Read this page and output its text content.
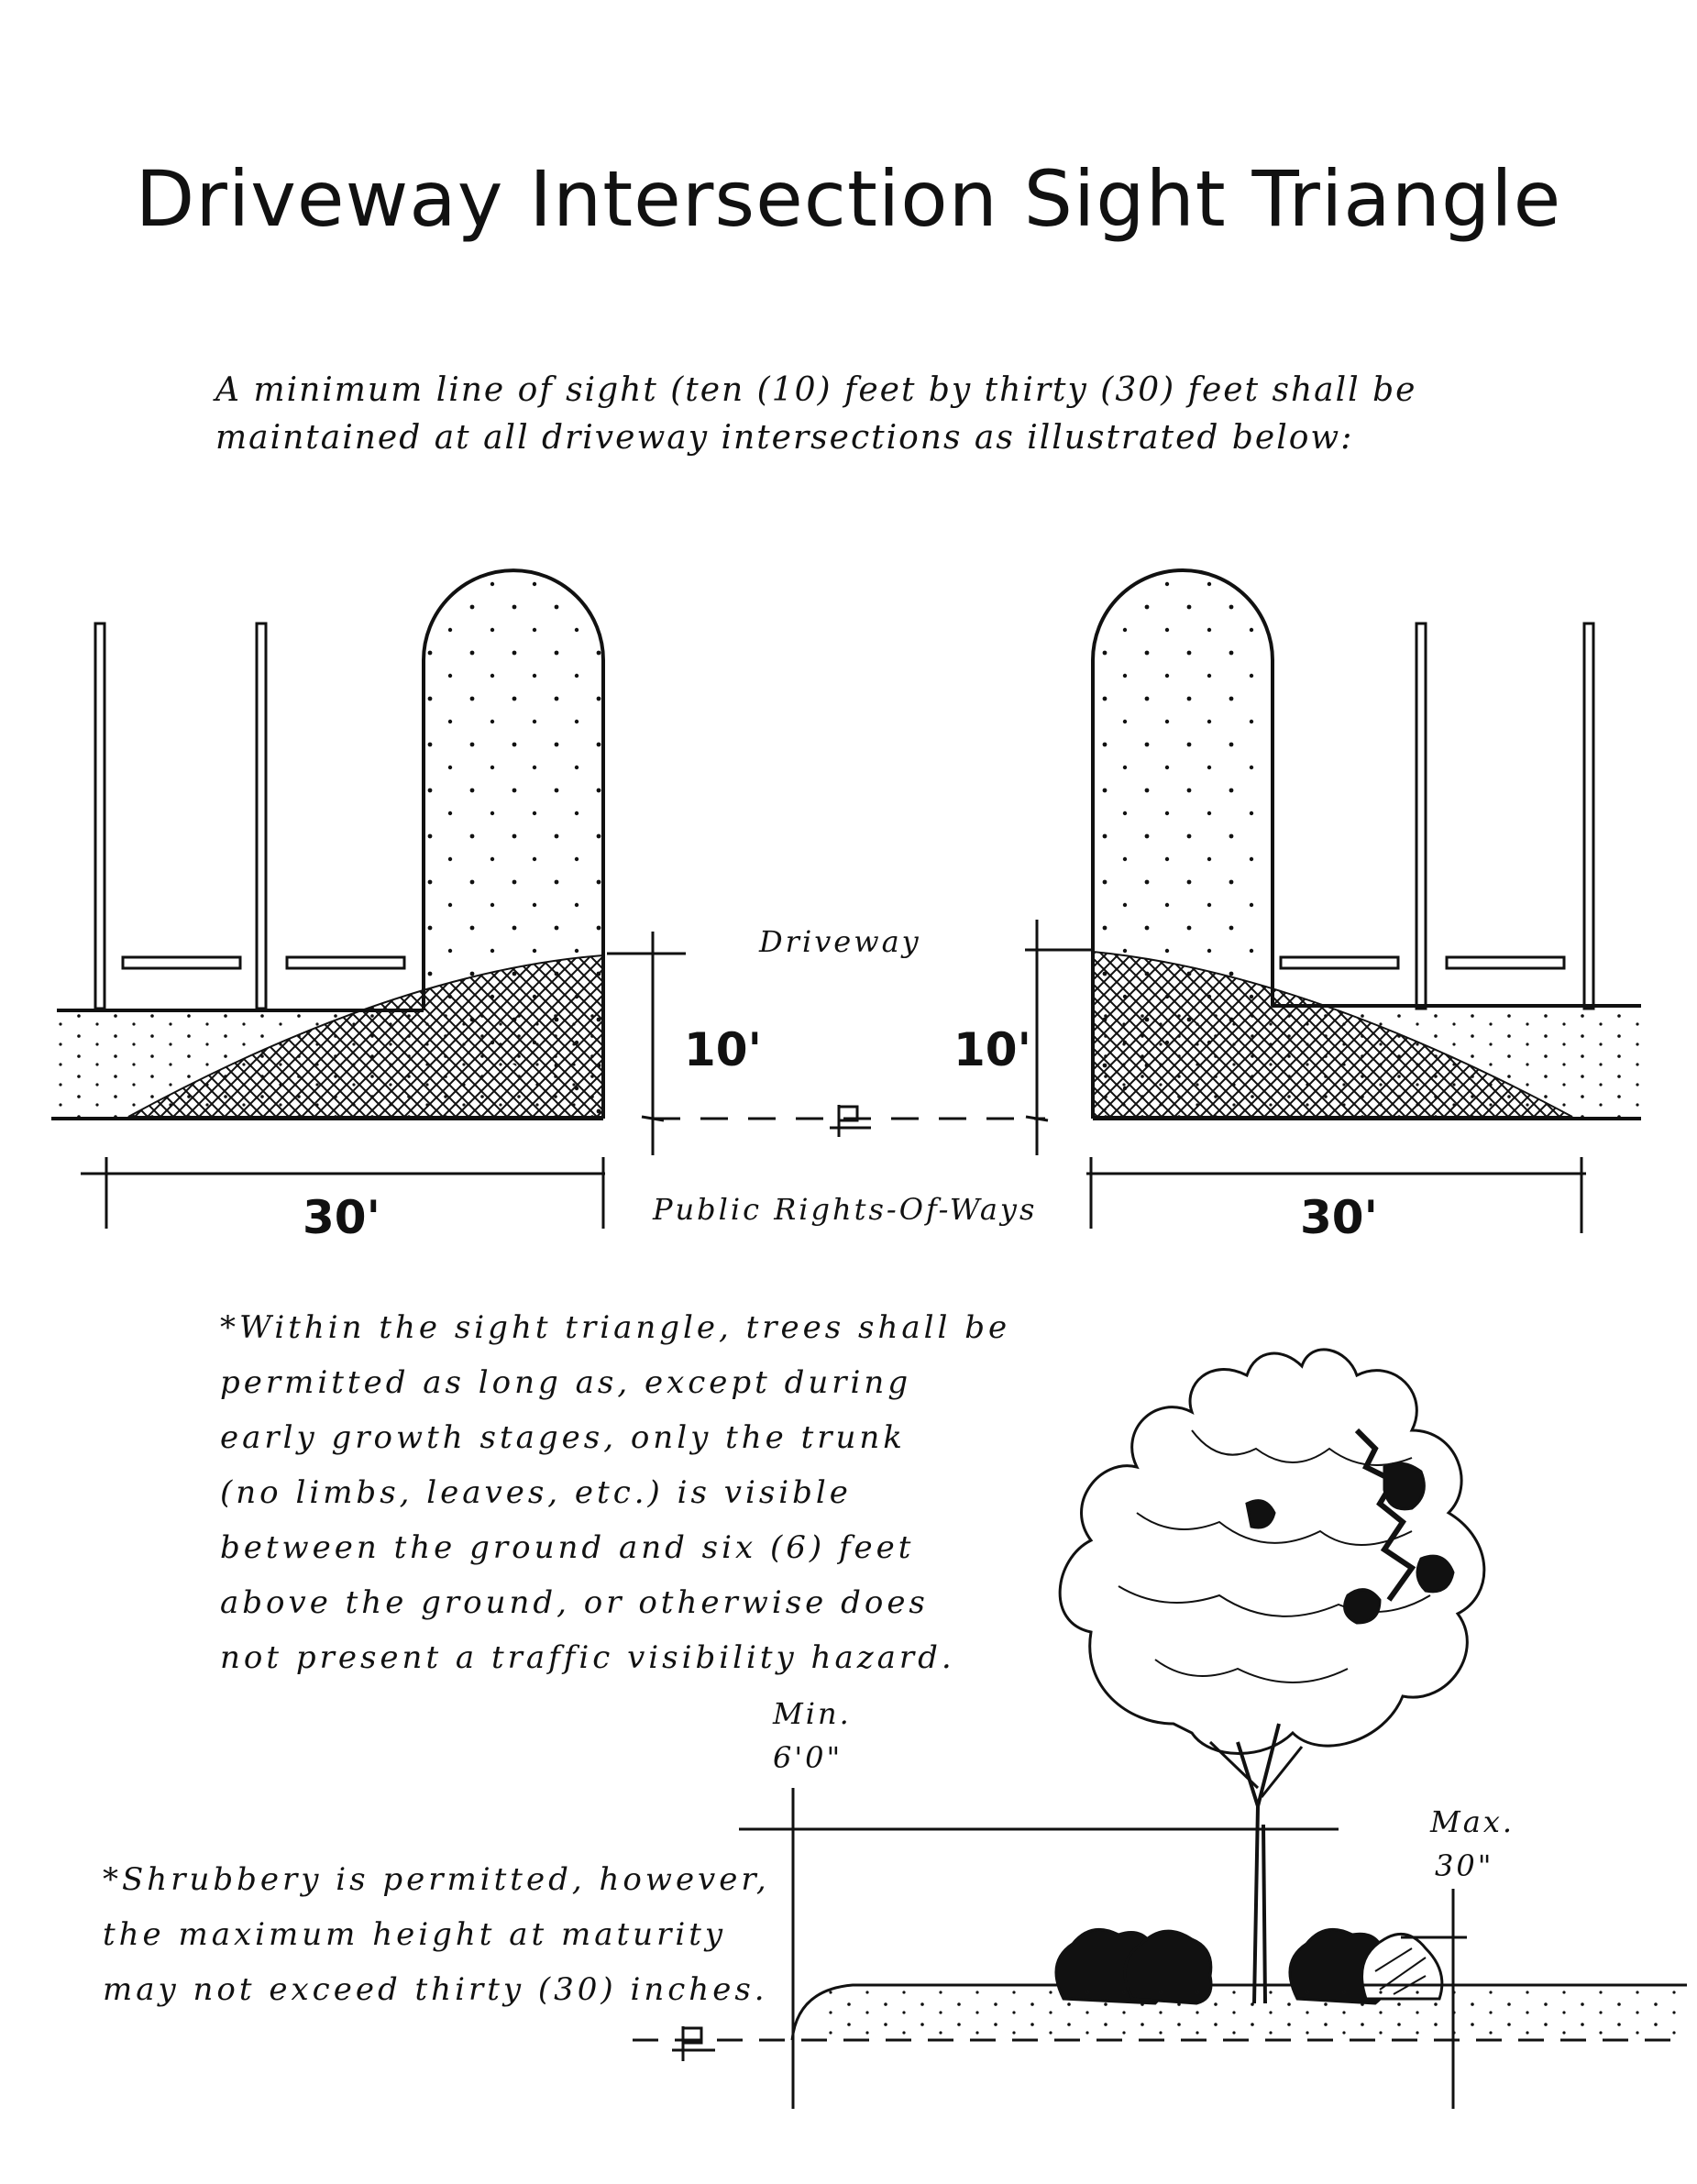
Driveway Intersection Sight Triangle

A minimum line of sight (ten (10) feet by thirty (30) feet shall be maintained at all driveway intersections as illustrated below:

Driveway
Public Rights-Of-Ways
10'	10'
30'	30'
Min.
6'0"
Max.
30"

*Within the sight triangle, trees shall be
permitted as long as, except during
early growth stages, only the trunk
(no limbs, leaves, etc.) is visible
between the ground and six (6) feet
above the ground, or otherwise does
not present a traffic visibility hazard.

*Shrubbery is permitted, however,
the maximum height at maturity
may not exceed thirty (30) inches.
